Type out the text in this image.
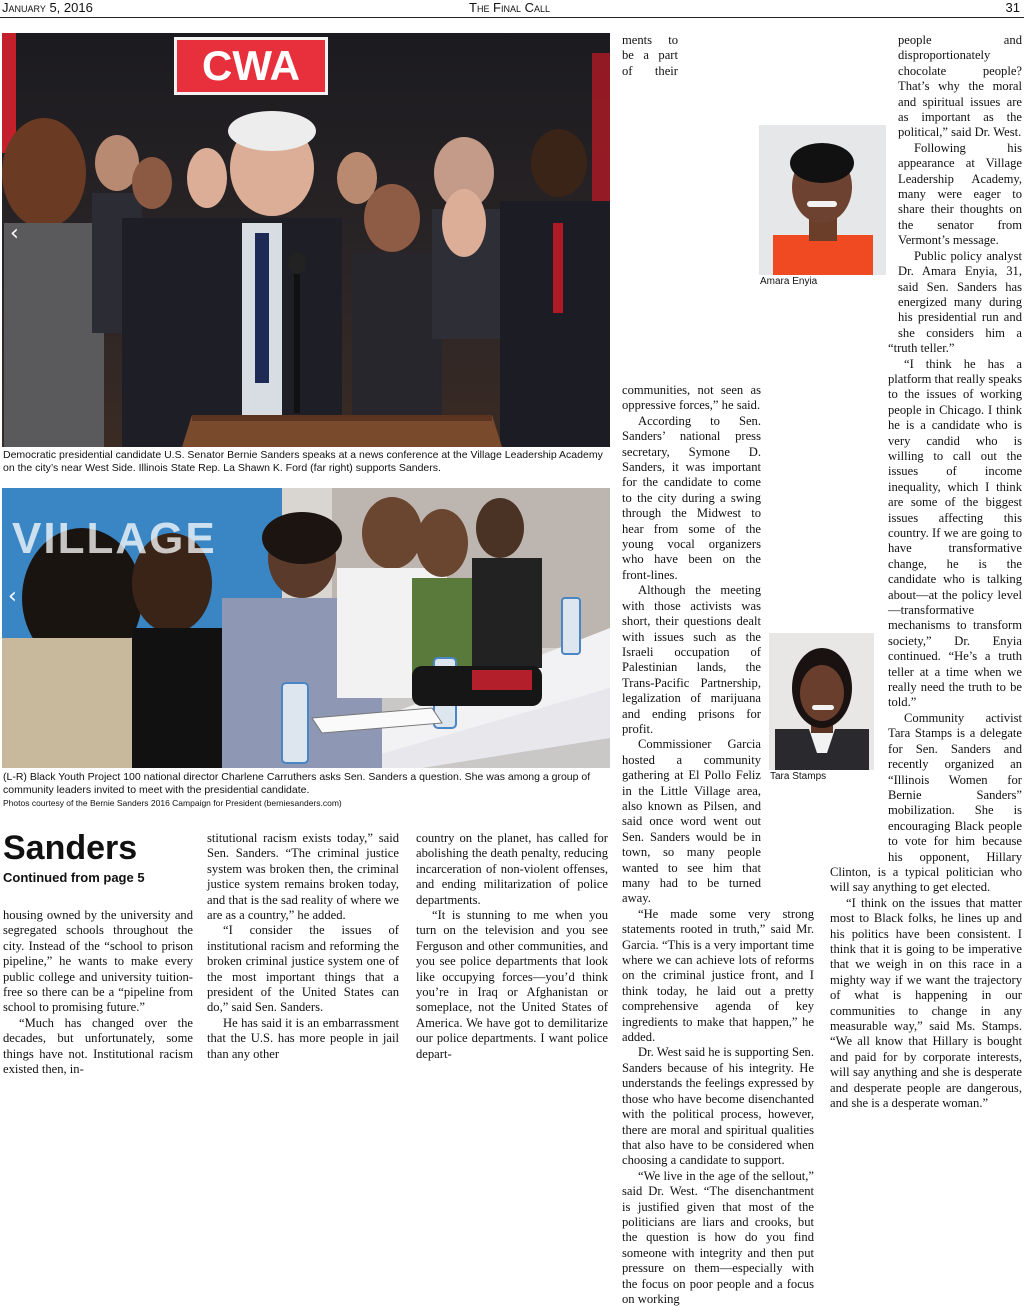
January 5, 2016	The Final Call	31
CWA
‹

Democratic presidential candidate U.S. Senator Bernie Sanders speaks at a news conference at the Village Leadership Academy on the city’s near West Side. Illinois State Rep. La Shawn K. Ford (far right) supports Sanders.

VILLAGE
‹

(L-R) Black Youth Project 100 national director Charlene Carruthers asks Sen. Sanders a question. She was among a group of community leaders invited to meet with the presidential candidate.

Photos courtesy of the Bernie Sanders 2016 Campaign for President (berniesanders.com)

Sanders

Continued from page 5

housing owned by the university and segregated schools throughout the city. Instead of the “school to prison pipeline,” he wants to make every public college and university tuition-free so there can be a “pipeline from school to promising future.”

“Much has changed over the decades, but unfortunately, some things have not. Institutional racism existed then, in-

stitutional racism exists today,” said Sen. Sanders. “The criminal justice system was broken then, the criminal justice system remains broken today, and that is the sad reality of where we are as a country,” he added.

“I consider the issues of institutional racism and reforming the broken criminal justice system one of the most important things that a president of the United States can do,” said Sen. Sanders.

He has said it is an embarrassment that the U.S. has more people in jail than any other

country on the planet, has called for abolishing the death penalty, reducing incarceration of non-violent offenses, and ending militarization of police departments.

“It is stunning to me when you turn on the television and you see Ferguson and other communities, and you see police departments that look like occupying forces—you’d think you’re in Iraq or Afghanistan or someplace, not the United States of America. We have got to demilitarize our police departments. I want police depart-

Amara Enyia
Tara Stamps

ments to be a part of their communities, not seen as oppressive forces,” he said.

According to Sen. Sanders’ national press secretary, Symone D. Sanders, it was important for the candidate to come to the city during a swing through the Midwest to hear from some of the young vocal organizers who have been on the front-lines.

Although the meeting with those activists was short, their questions dealt with issues such as the Israeli occupation of Palestinian lands, the Trans-Pacific Partnership, legalization of marijuana and ending prisons for profit.

Commissioner Garcia hosted a community gathering at El Pollo Feliz in the Little Village area, also known as Pilsen, and said once word went out Sen. Sanders would be in town, so many people wanted to see him that many had to be turned away.

“He made some very strong statements rooted in truth,” said Mr. Garcia. “This is a very important time where we can achieve lots of reforms on the criminal justice front, and I think today, he laid out a pretty comprehensive agenda of key ingredients to make that happen,” he added.

Dr. West said he is supporting Sen. Sanders because of his integrity. He understands the feelings expressed by those who have become disenchanted with the political process, however, there are moral and spiritual qualities that also have to be considered when choosing a candidate to support.

“We live in the age of the sellout,” said Dr. West. “The disenchantment is justified given that most of the politicians are liars and crooks, but the question is how do you find someone with integrity and then put pressure on them—especially with the focus on poor people and a focus on working

people and disproportionately chocolate people? That’s why the moral and spiritual issues are as important as the political,” said Dr. West.

Following his appearance at Village Leadership Academy, many were eager to share their thoughts on the senator from Vermont’s message.

Public policy analyst Dr. Amara Enyia, 31, said Sen. Sanders has energized many during his presidential run and she considers him a “truth teller.”

“I think he has a platform that really speaks to the issues of working people in Chicago. I think he is a candidate who is very candid who is willing to call out the issues of income inequality, which I think are some of the biggest issues affecting this country. If we are going to have transformative change, he is the candidate who is talking about—at the policy level—transformative mechanisms to transform society,” Dr. Enyia continued. “He’s a truth teller at a time when we really need the truth to be told.”

Community activist Tara Stamps is a delegate for Sen. Sanders and recently organized an “Illinois Women for Bernie Sanders” mobilization. She is encouraging Black people to vote for him because his opponent, Hillary Clinton, is a typical politician who will say anything to get elected.

“I think on the issues that matter most to Black folks, he lines up and his politics have been consistent. I think that it is going to be imperative that we weigh in on this race in a mighty way if we want the trajectory of what is happening in our communities to change in any measurable way,” said Ms. Stamps. “We all know that Hillary is bought and paid for by corporate interests, will say anything and she is desperate and desperate people are dangerous, and she is a desperate woman.”
